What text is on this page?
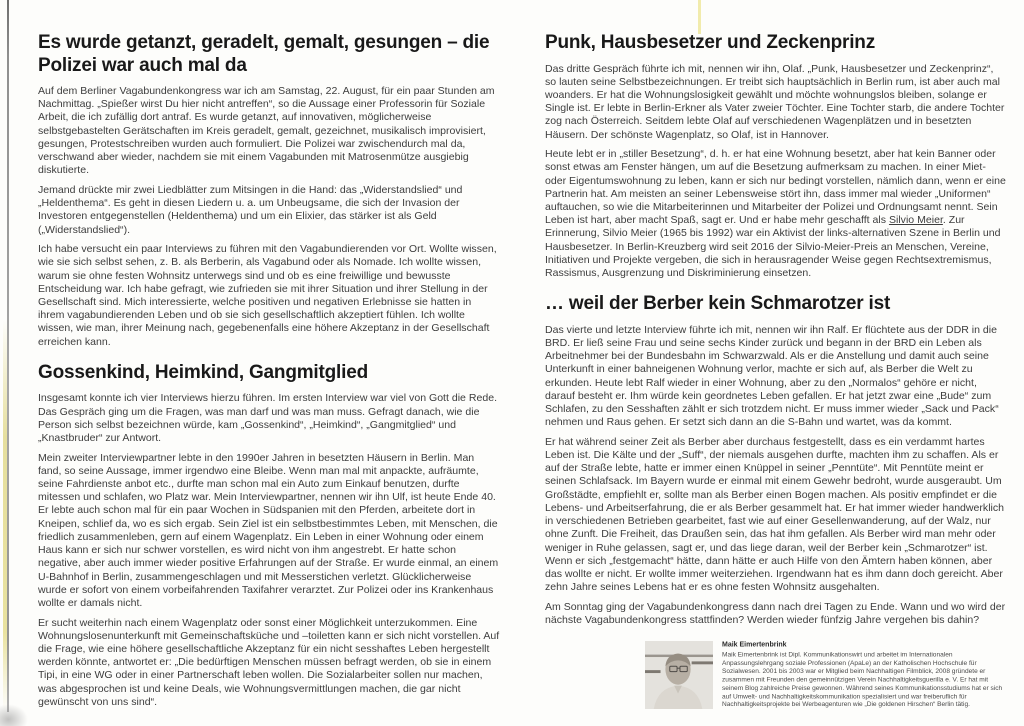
Es wurde getanzt, geradelt, gemalt, gesungen – die Polizei war auch mal da

Auf dem Berliner Vagabundenkongress war ich am Samstag, 22. August, für ein paar Stunden am Nachmittag. „Spießer wirst Du hier nicht antreffen“, so die Aussage einer Professorin für Soziale Arbeit, die ich zufällig dort antraf. Es wurde getanzt, auf innovativen, möglicherweise selbstgebastelten Gerätschaften im Kreis geradelt, gemalt, gezeichnet, musikalisch improvisiert, gesungen, Protestschreiben wurden auch formuliert. Die Polizei war zwischendurch mal da, verschwand aber wieder, nachdem sie mit einem Vagabunden mit Matrosenmütze ausgiebig diskutierte.

Jemand drückte mir zwei Liedblätter zum Mitsingen in die Hand: das „Widerstandslied“ und „Heldenthema“. Es geht in diesen Liedern u. a. um Unbeugsame, die sich der Invasion der Investoren entgegenstellen (Heldenthema) und um ein Elixier, das stärker ist als Geld („Widerstandslied“).

Ich habe versucht ein paar Interviews zu führen mit den Vagabundierenden vor Ort. Wollte wissen, wie sie sich selbst sehen, z. B. als Berberin, als Vagabund oder als Nomade. Ich wollte wissen, warum sie ohne festen Wohnsitz unterwegs sind und ob es eine freiwillige und bewusste Entscheidung war. Ich habe gefragt, wie zufrieden sie mit ihrer Situation und ihrer Stellung in der Gesellschaft sind. Mich interessierte, welche positiven und negativen Erlebnisse sie hatten in ihrem vagabundierenden Leben und ob sie sich gesellschaftlich akzeptiert fühlen. Ich wollte wissen, wie man, ihrer Meinung nach, gegebenenfalls eine höhere Akzeptanz in der Gesellschaft erreichen kann.

Gossenkind, Heimkind, Gangmitglied

Insgesamt konnte ich vier Interviews hierzu führen. Im ersten Interview war viel von Gott die Rede. Das Gespräch ging um die Fragen, was man darf und was man muss. Gefragt danach, wie die Person sich selbst bezeichnen würde, kam „Gossenkind“, „Heimkind“, „Gangmitglied“ und „Knastbruder“ zur Antwort.

Mein zweiter Interviewpartner lebte in den 1990er Jahren in besetzten Häusern in Berlin. Man fand, so seine Aussage, immer irgendwo eine Bleibe. Wenn man mal mit anpackte, aufräumte, seine Fahrdienste anbot etc., durfte man schon mal ein Auto zum Einkauf benutzen, durfte mitessen und schlafen, wo Platz war. Mein Interviewpartner, nennen wir ihn Ulf, ist heute Ende 40. Er lebte auch schon mal für ein paar Wochen in Südspanien mit den Pferden, arbeitete dort in Kneipen, schlief da, wo es sich ergab. Sein Ziel ist ein selbstbestimmtes Leben, mit Menschen, die friedlich zusammenleben, gern auf einem Wagenplatz. Ein Leben in einer Wohnung oder einem Haus kann er sich nur schwer vorstellen, es wird nicht von ihm angestrebt. Er hatte schon negative, aber auch immer wieder positive Erfahrungen auf der Straße. Er wurde einmal, an einem U-Bahnhof in Berlin, zusammengeschlagen und mit Messerstichen verletzt. Glücklicherweise wurde er sofort von einem vorbeifahrenden Taxifahrer verarztet. Zur Polizei oder ins Krankenhaus wollte er damals nicht.

Er sucht weiterhin nach einem Wagenplatz oder sonst einer Möglichkeit unterzukommen. Eine Wohnungslosenunterkunft mit Gemeinschaftsküche und –toiletten kann er sich nicht vorstellen. Auf die Frage, wie eine höhere gesellschaftliche Akzeptanz für ein nicht sesshaftes Leben hergestellt werden könnte, antwortet er: „Die bedürftigen Menschen müssen befragt werden, ob sie in einem Tipi, in eine WG oder in einer Partnerschaft leben wollen. Die Sozialarbeiter sollen nur machen, was abgesprochen ist und keine Deals, wie Wohnungsvermittlungen machen, die gar nicht gewünscht von uns sind“.

Punk, Hausbesetzer und Zeckenprinz

Das dritte Gespräch führte ich mit, nennen wir ihn, Olaf. „Punk, Hausbesetzer und Zeckenprinz“, so lauten seine Selbstbezeichnungen. Er treibt sich hauptsächlich in Berlin rum, ist aber auch mal woanders. Er hat die Wohnungslosigkeit gewählt und möchte wohnungslos bleiben, solange er Single ist. Er lebte in Berlin-Erkner als Vater zweier Töchter. Eine Tochter starb, die andere Tochter zog nach Österreich. Seitdem lebte Olaf auf verschiedenen Wagenplätzen und in besetzten Häusern. Der schönste Wagenplatz, so Olaf, ist in Hannover.

Heute lebt er in „stiller Besetzung“, d. h. er hat eine Wohnung besetzt, aber hat kein Banner oder sonst etwas am Fenster hängen, um auf die Besetzung aufmerksam zu machen. In einer Miet- oder Eigentumswohnung zu leben, kann er sich nur bedingt vorstellen, nämlich dann, wenn er eine Partnerin hat. Am meisten an seiner Lebensweise stört ihn, dass immer mal wieder „Uniformen“ auftauchen, so wie die Mitarbeiterinnen und Mitarbeiter der Polizei und Ordnungsamt nennt. Sein Leben ist hart, aber macht Spaß, sagt er. Und er habe mehr geschafft als Silvio Meier. Zur Erinnerung, Silvio Meier (1965 bis 1992) war ein Aktivist der links-alternativen Szene in Berlin und Hausbesetzer. In Berlin-Kreuzberg wird seit 2016 der Silvio-Meier-Preis an Menschen, Vereine, Initiativen und Projekte vergeben, die sich in herausragender Weise gegen Rechtsextremismus, Rassismus, Ausgrenzung und Diskriminierung einsetzen.

… weil der Berber kein Schmarotzer ist

Das vierte und letzte Interview führte ich mit, nennen wir ihn Ralf. Er flüchtete aus der DDR in die BRD. Er ließ seine Frau und seine sechs Kinder zurück und begann in der BRD ein Leben als Arbeitnehmer bei der Bundesbahn im Schwarzwald. Als er die Anstellung und damit auch seine Unterkunft in einer bahneigenen Wohnung verlor, machte er sich auf, als Berber die Welt zu erkunden. Heute lebt Ralf wieder in einer Wohnung, aber zu den „Normalos“ gehöre er nicht, darauf besteht er. Ihm würde kein geordnetes Leben gefallen. Er hat jetzt zwar eine „Bude“ zum Schlafen, zu den Sesshaften zählt er sich trotzdem nicht. Er muss immer wieder „Sack und Pack“ nehmen und Raus gehen. Er setzt sich dann an die S-Bahn und wartet, was da kommt.

Er hat während seiner Zeit als Berber aber durchaus festgestellt, dass es ein verdammt hartes Leben ist. Die Kälte und der „Suff“, der niemals ausgehen durfte, machten ihm zu schaffen. Als er auf der Straße lebte, hatte er immer einen Knüppel in seiner „Penntüte“. Mit Penntüte meint er seinen Schlafsack. Im Bayern wurde er einmal mit einem Gewehr bedroht, wurde ausgeraubt. Um Großstädte, empfiehlt er, sollte man als Berber einen Bogen machen. Als positiv empfindet er die Lebens- und Arbeitserfahrung, die er als Berber gesammelt hat. Er hat immer wieder handwerklich in verschiedenen Betrieben gearbeitet, fast wie auf einer Gesellenwanderung, auf der Walz, nur ohne Zunft. Die Freiheit, das Draußen sein, das hat ihm gefallen. Als Berber wird man mehr oder weniger in Ruhe gelassen, sagt er, und das liege daran, weil der Berber kein „Schmarotzer“ ist. Wenn er sich „festgemacht“ hätte, dann hätte er auch Hilfe von den Ämtern haben können, aber das wollte er nicht. Er wollte immer weiterziehen. Irgendwann hat es ihm dann doch gereicht. Aber zehn Jahre seines Lebens hat er es ohne festen Wohnsitz ausgehalten.

Am Sonntag ging der Vagabundenkongress dann nach drei Tagen zu Ende. Wann und wo wird der nächste Vagabundenkongress stattfinden? Werden wieder fünfzig Jahre vergehen bis dahin?

Maik Eimertenbrink
Maik Eimertenbrink ist Dipl. Kommunikationswirt und arbeitet im Internationalen Anpassungslehrgang soziale Professionen (ApaLe) an der Katholischen Hochschule für Sozialwesen. 2001 bis 2003 war er Mitglied beim Nachhaltigen Filmblick, 2008 gründete er zusammen mit Freunden den gemeinnützigen Verein Nachhaltigkeitsguerilla e. V. Er hat mit seinem Blog zahlreiche Preise gewonnen. Während seines Kommunikationsstudiums hat er sich auf Umwelt- und Nachhaltigkeitskommunikation spezialisiert und war freiberuflich für Nachhaltigkeitsprojekte bei Werbeagenturen wie „Die goldenen Hirschen“ Berlin tätig.
